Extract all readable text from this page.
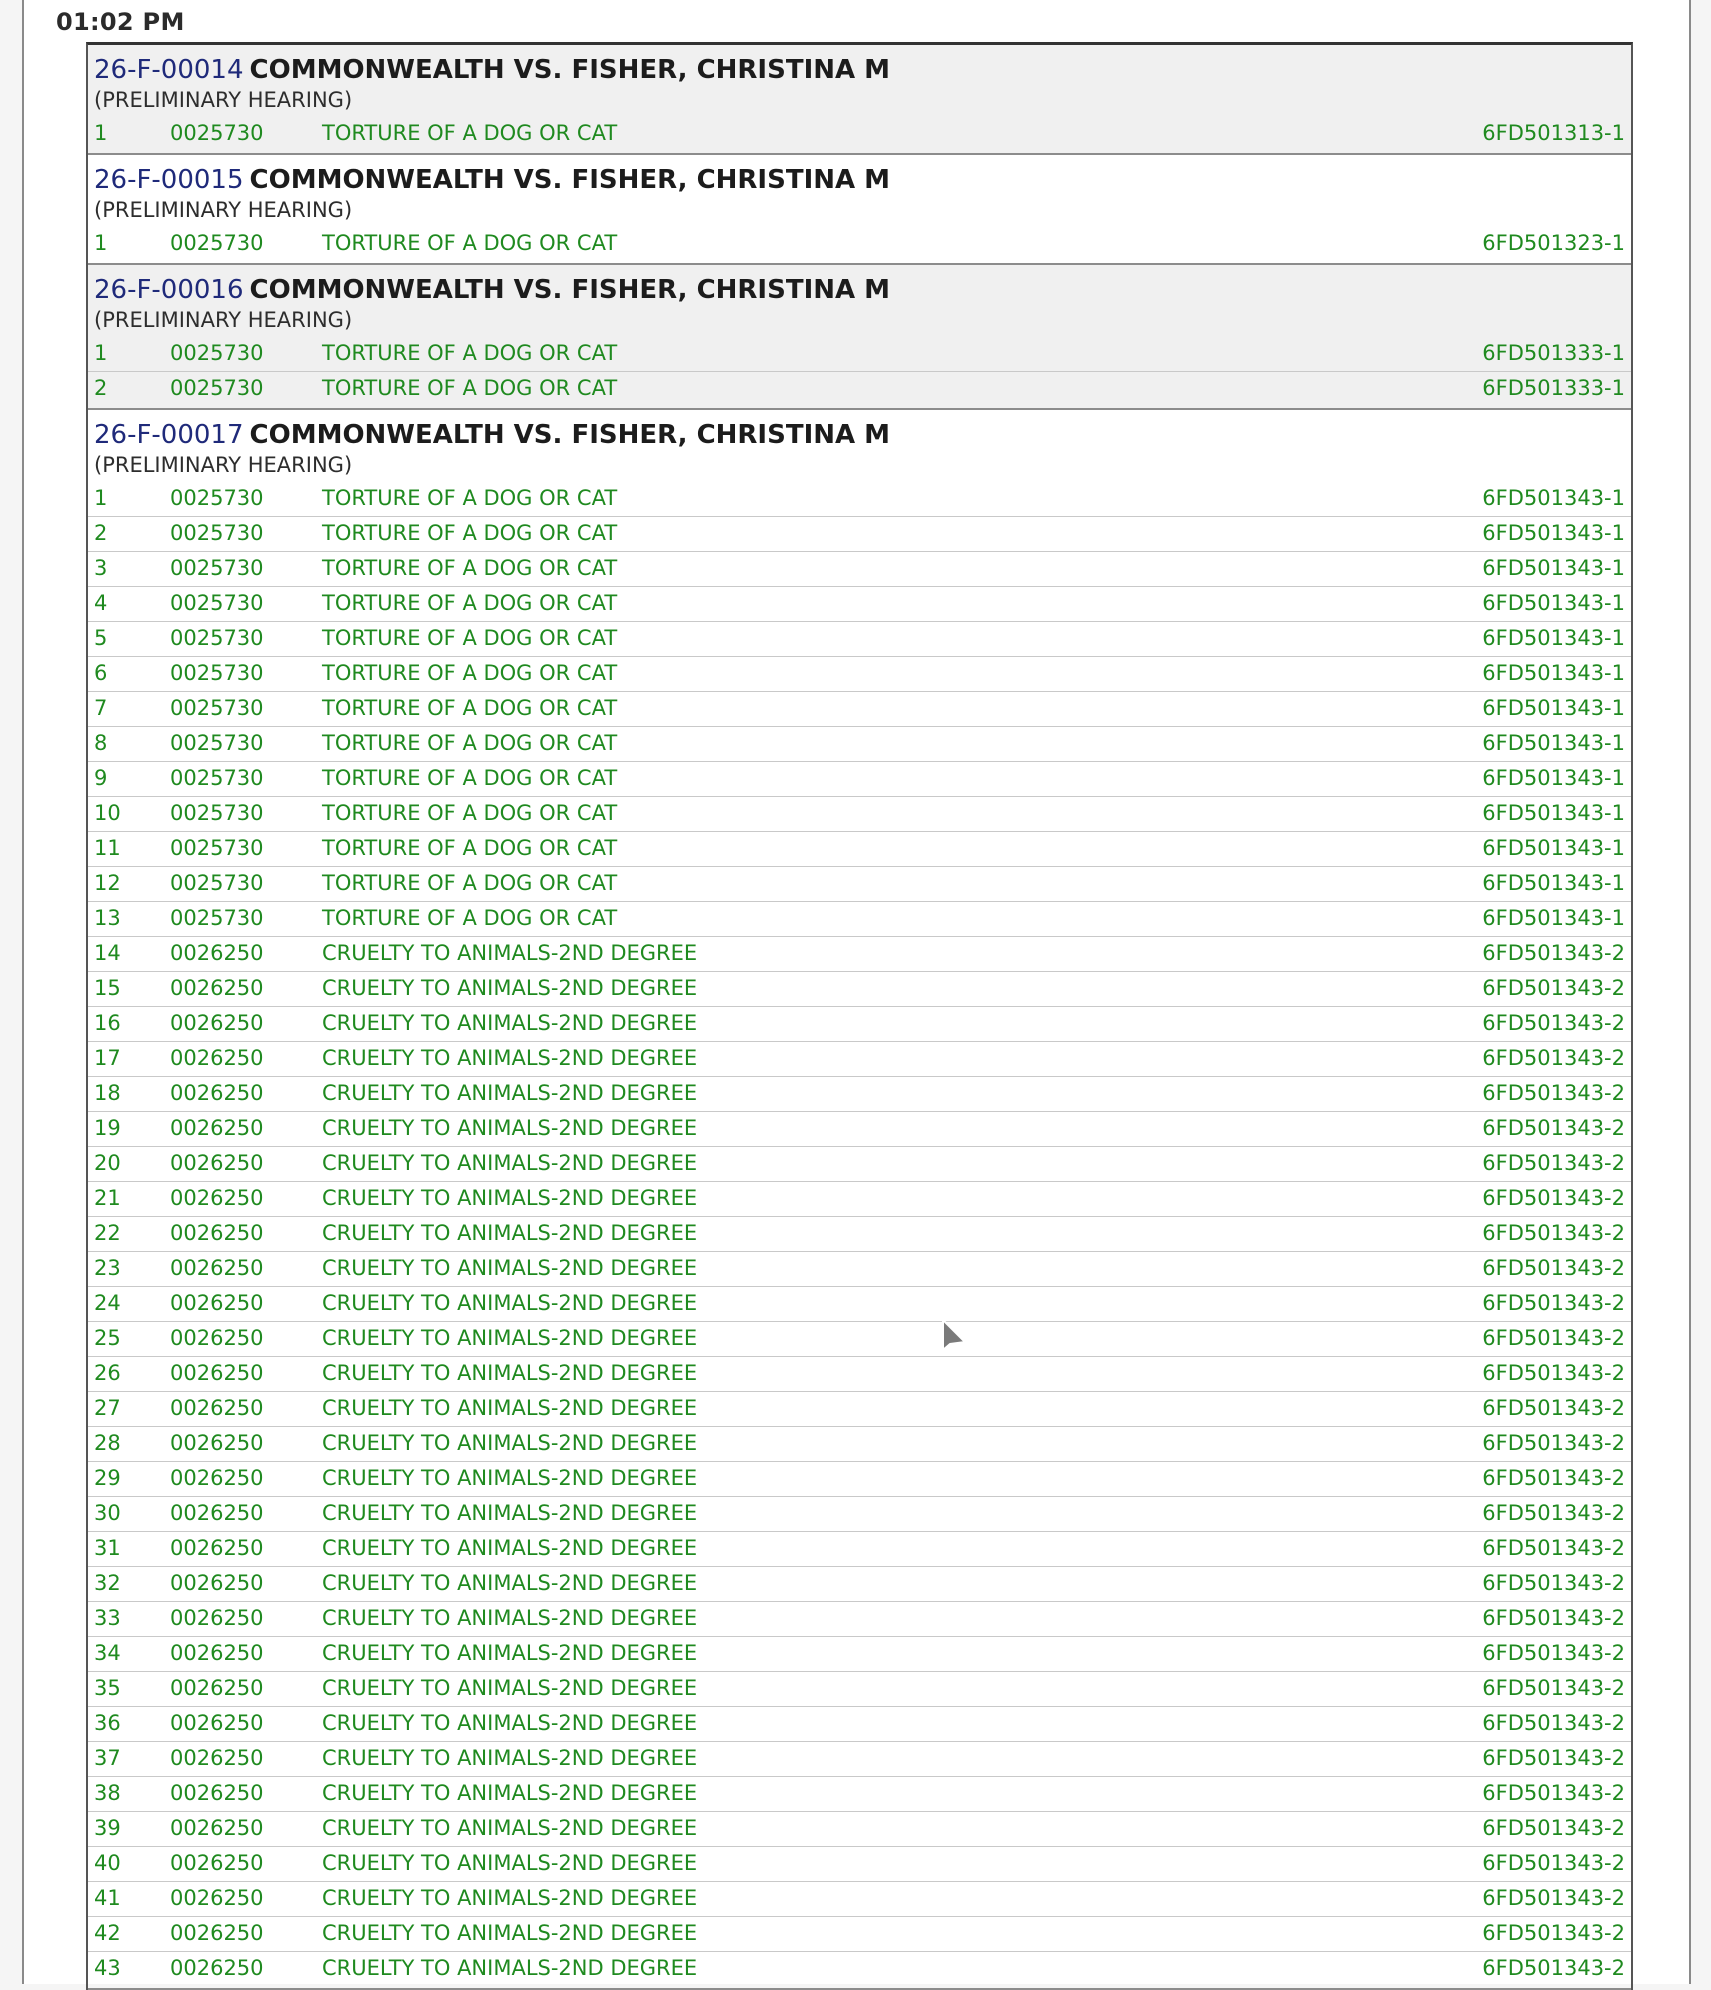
01:02 PM
26-F-00014 COMMONWEALTH VS. FISHER, CHRISTINA M
(PRELIMINARY HEARING)
1	0025730	TORTURE OF A DOG OR CAT	6FD501313-1
26-F-00015 COMMONWEALTH VS. FISHER, CHRISTINA M
(PRELIMINARY HEARING)
1	0025730	TORTURE OF A DOG OR CAT	6FD501323-1
26-F-00016 COMMONWEALTH VS. FISHER, CHRISTINA M
(PRELIMINARY HEARING)
1	0025730	TORTURE OF A DOG OR CAT	6FD501333-1
2	0025730	TORTURE OF A DOG OR CAT	6FD501333-1
26-F-00017 COMMONWEALTH VS. FISHER, CHRISTINA M
(PRELIMINARY HEARING)
1	0025730	TORTURE OF A DOG OR CAT	6FD501343-1
2	0025730	TORTURE OF A DOG OR CAT	6FD501343-1
3	0025730	TORTURE OF A DOG OR CAT	6FD501343-1
4	0025730	TORTURE OF A DOG OR CAT	6FD501343-1
5	0025730	TORTURE OF A DOG OR CAT	6FD501343-1
6	0025730	TORTURE OF A DOG OR CAT	6FD501343-1
7	0025730	TORTURE OF A DOG OR CAT	6FD501343-1
8	0025730	TORTURE OF A DOG OR CAT	6FD501343-1
9	0025730	TORTURE OF A DOG OR CAT	6FD501343-1
10 0025730	TORTURE OF A DOG OR CAT	6FD501343-1
11 0025730	TORTURE OF A DOG OR CAT	6FD501343-1
12 0025730	TORTURE OF A DOG OR CAT	6FD501343-1
13 0025730	TORTURE OF A DOG OR CAT	6FD501343-1
14 0026250	CRUELTY TO ANIMALS-2ND DEGREE	6FD501343-2
15 0026250	CRUELTY TO ANIMALS-2ND DEGREE	6FD501343-2
16 0026250	CRUELTY TO ANIMALS-2ND DEGREE	6FD501343-2
17 0026250	CRUELTY TO ANIMALS-2ND DEGREE	6FD501343-2
18 0026250	CRUELTY TO ANIMALS-2ND DEGREE	6FD501343-2
19 0026250	CRUELTY TO ANIMALS-2ND DEGREE	6FD501343-2
20 0026250	CRUELTY TO ANIMALS-2ND DEGREE	6FD501343-2
21 0026250	CRUELTY TO ANIMALS-2ND DEGREE	6FD501343-2
22 0026250	CRUELTY TO ANIMALS-2ND DEGREE	6FD501343-2
23 0026250	CRUELTY TO ANIMALS-2ND DEGREE	6FD501343-2
24 0026250	CRUELTY TO ANIMALS-2ND DEGREE	6FD501343-2
25 0026250	CRUELTY TO ANIMALS-2ND DEGREE	6FD501343-2
26 0026250	CRUELTY TO ANIMALS-2ND DEGREE	6FD501343-2
27 0026250	CRUELTY TO ANIMALS-2ND DEGREE	6FD501343-2
28 0026250	CRUELTY TO ANIMALS-2ND DEGREE	6FD501343-2
29 0026250	CRUELTY TO ANIMALS-2ND DEGREE	6FD501343-2
30 0026250	CRUELTY TO ANIMALS-2ND DEGREE	6FD501343-2
31 0026250	CRUELTY TO ANIMALS-2ND DEGREE	6FD501343-2
32 0026250	CRUELTY TO ANIMALS-2ND DEGREE	6FD501343-2
33 0026250	CRUELTY TO ANIMALS-2ND DEGREE	6FD501343-2
34 0026250	CRUELTY TO ANIMALS-2ND DEGREE	6FD501343-2
35 0026250	CRUELTY TO ANIMALS-2ND DEGREE	6FD501343-2
36 0026250	CRUELTY TO ANIMALS-2ND DEGREE	6FD501343-2
37 0026250	CRUELTY TO ANIMALS-2ND DEGREE	6FD501343-2
38 0026250	CRUELTY TO ANIMALS-2ND DEGREE	6FD501343-2
39 0026250	CRUELTY TO ANIMALS-2ND DEGREE	6FD501343-2
40 0026250	CRUELTY TO ANIMALS-2ND DEGREE	6FD501343-2
41 0026250	CRUELTY TO ANIMALS-2ND DEGREE	6FD501343-2
42 0026250	CRUELTY TO ANIMALS-2ND DEGREE	6FD501343-2
43 0026250	CRUELTY TO ANIMALS-2ND DEGREE	6FD501343-2
